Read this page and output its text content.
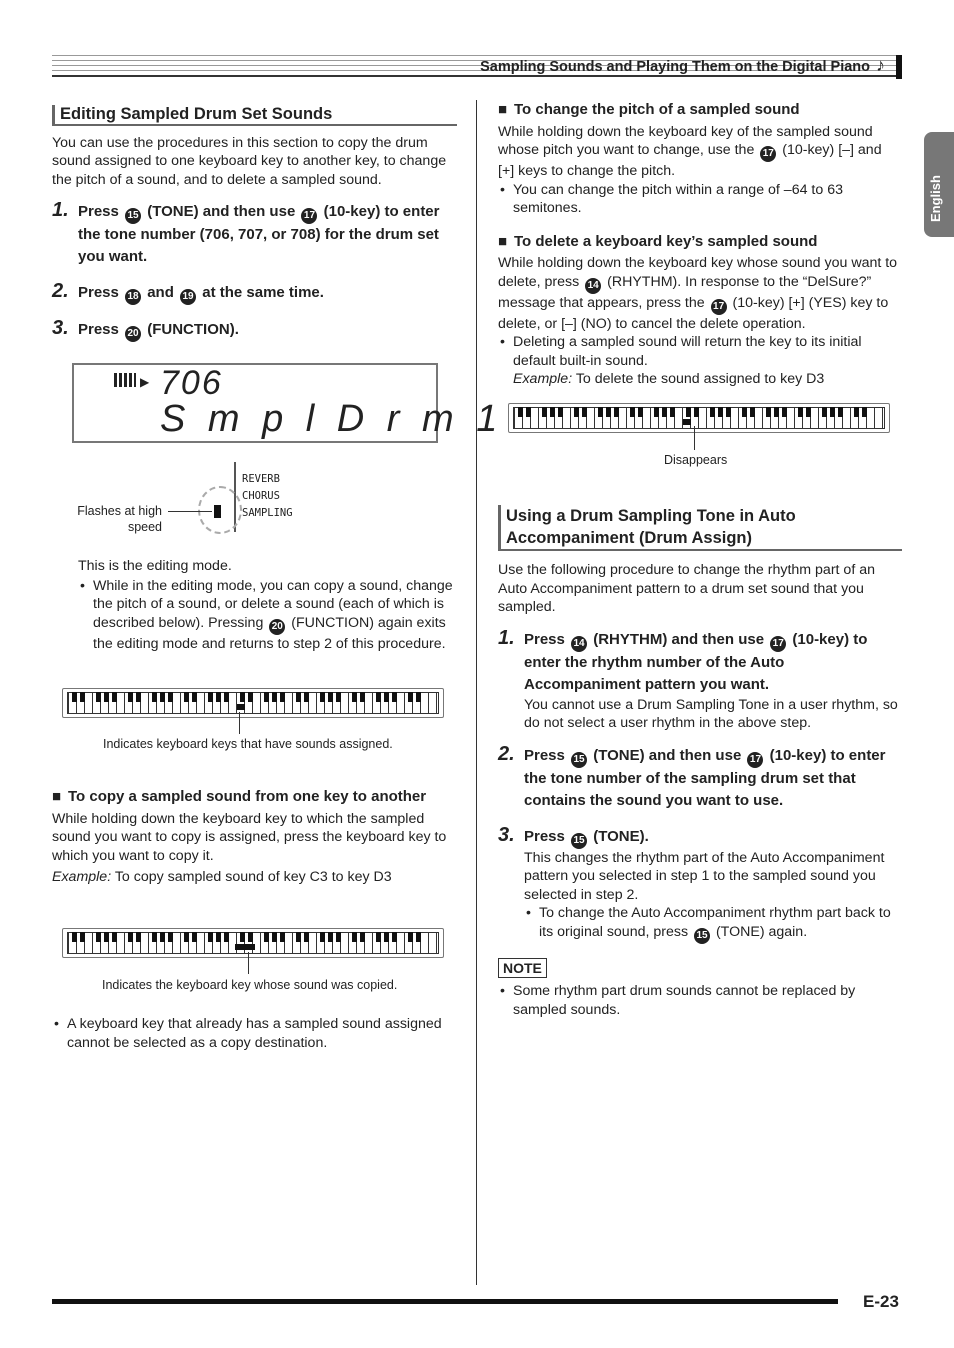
Sampling Sounds and Playing Them on the Digital Piano ♪
English
Editing Sampled Drum Set Sounds

You can use the procedures in this section to copy the drum sound assigned to one keyboard key to another key, to change the pitch of a sound, and to delete a sampled sound.

1. Press 15 (TONE) and then use 17 (10-key) to enter the tone number (706, 707, or 708) for the drum set you want.
2. Press 18 and 19 at the same time.
3. Press 20 (FUNCTION).
▶ 706
S m p l D r m 1
REVERB
CHORUS
SAMPLING
Flashes at high
speed

This is the editing mode.

• While in the editing mode, you can copy a sound, change the pitch of a sound, or delete a sound (each of which is described below). Pressing 20 (FUNCTION) again exits the editing mode and returns to step 2 of this procedure.
Indicates keyboard keys that have sounds assigned.
■ To copy a sampled sound from one key to another

While holding down the keyboard key to which the sampled sound you want to copy is assigned, press the keyboard key to which you want to copy it.

Example: To copy sampled sound of key C3 to key D3

Indicates the keyboard key whose sound was copied.
• A keyboard key that already has a sampled sound assigned cannot be selected as a copy destination.
■ To change the pitch of a sampled sound

While holding down the keyboard key of the sampled sound whose pitch you want to change, use the 17 (10-key) [–] and [+] keys to change the pitch.

• You can change the pitch within a range of –64 to 63 semitones.
■ To delete a keyboard key’s sampled sound

While holding down the keyboard key whose sound you want to delete, press 14 (RHYTHM). In response to the “DelSure?” message that appears, press the 17 (10-key) [+] (YES) key to delete, or [–] (NO) to cancel the delete operation.

• Deleting a sampled sound will return the key to its initial default built-in sound.
Example: To delete the sound assigned to key D3
Disappears
Using a Drum Sampling Tone in Auto Accompaniment (Drum Assign)

Use the following procedure to change the rhythm part of an Auto Accompaniment pattern to a drum set sound that you sampled.

1. Press 14 (RHYTHM) and then use 17 (10-key) to enter the rhythm number of the Auto Accompaniment pattern you want.

You cannot use a Drum Sampling Tone in a user rhythm, so do not select a user rhythm in the above step.

2. Press 15 (TONE) and then use 17 (10-key) to enter the tone number of the sampling drum set that contains the sound you want to use.
3. Press 15 (TONE).

This changes the rhythm part of the Auto Accompaniment pattern you selected in step 1 to the sampled sound you selected in step 2.

• To change the Auto Accompaniment rhythm part back to its original sound, press 15 (TONE) again.
NOTE
• Some rhythm part drum sounds cannot be replaced by sampled sounds.
E-23
